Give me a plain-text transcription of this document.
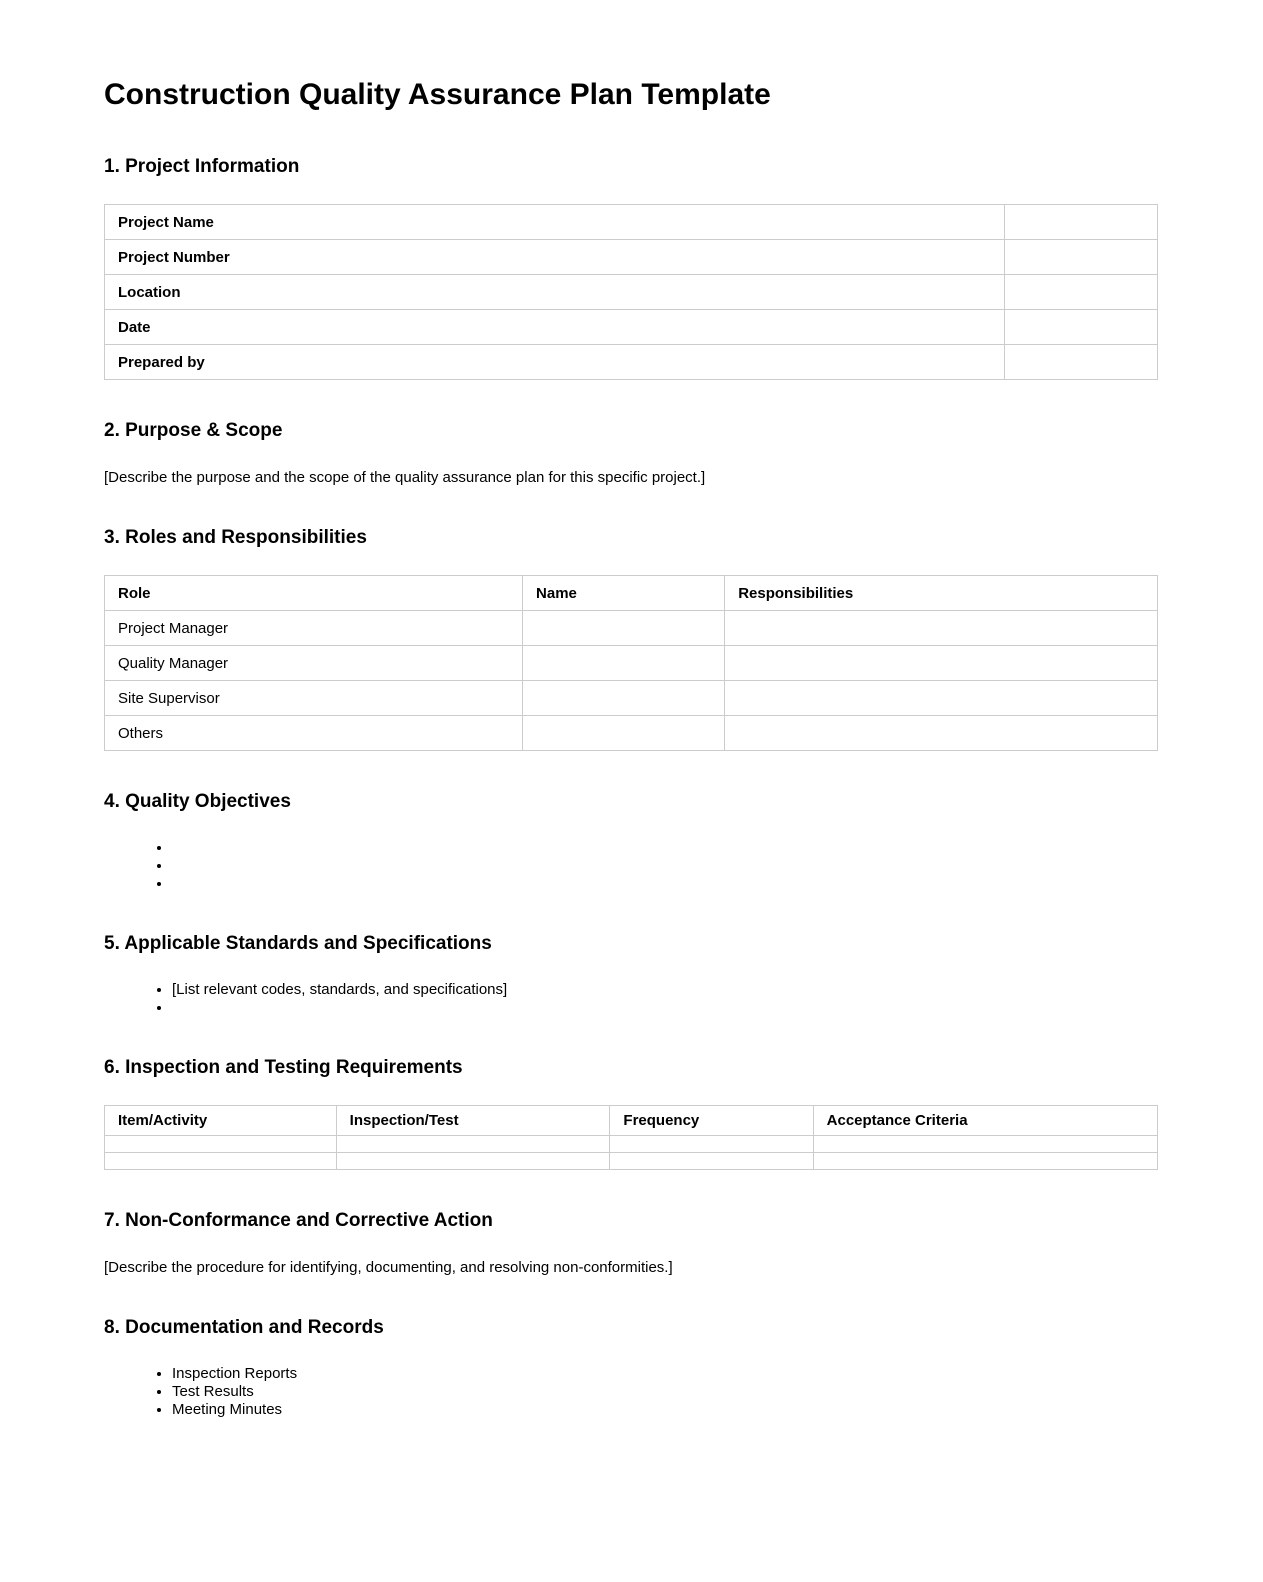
Construction Quality Assurance Plan Template
1. Project Information
Project Name	
Project Number	
Location	
Date	
Prepared by	
2. Purpose & Scope

[Describe the purpose and the scope of the quality assurance plan for this specific project.]

3. Roles and Responsibilities
Role	Name	Responsibilities
Project Manager		
Quality Manager		
Site Supervisor		
Others		
4. Quality Objectives
•
•
•
5. Applicable Standards and Specifications
• [List relevant codes, standards, and specifications]
•
6. Inspection and Testing Requirements
Item/Activity	Inspection/Test	Frequency	Acceptance Criteria

7. Non-Conformance and Corrective Action

[Describe the procedure for identifying, documenting, and resolving non-conformities.]

8. Documentation and Records
• Inspection Reports
• Test Results
• Meeting Minutes
